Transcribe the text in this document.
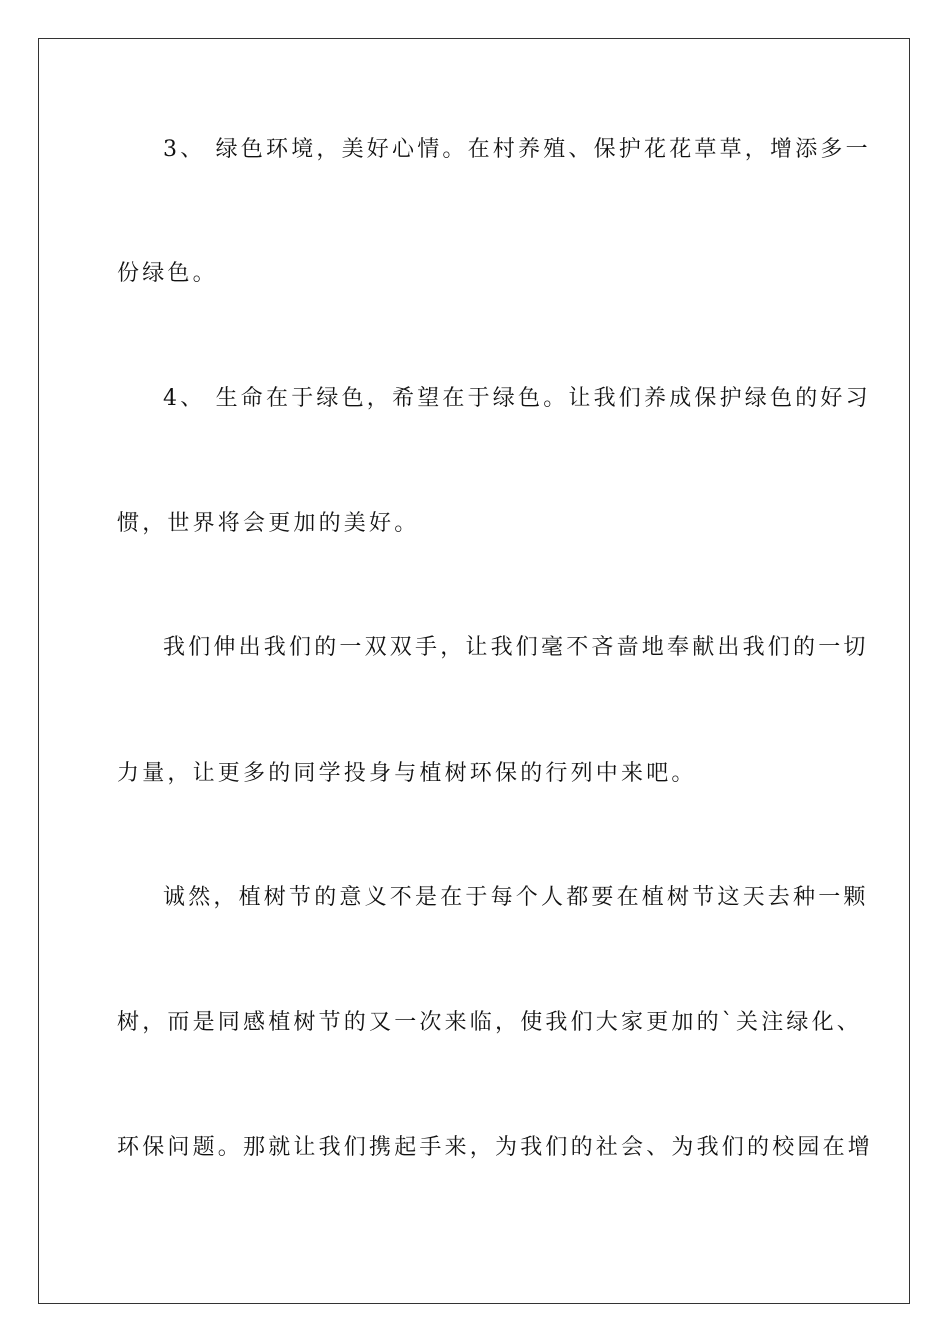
3、 绿色环境，美好心情。在村养殖、保护花花草草，增添多一
份绿色。
4、 生命在于绿色，希望在于绿色。让我们养成保护绿色的好习
惯，世界将会更加的美好。
我们伸出我们的一双双手，让我们毫不吝啬地奉献出我们的一切
力量，让更多的同学投身与植树环保的行列中来吧。
诚然，植树节的意义不是在于每个人都要在植树节这天去种一颗
树，而是同感植树节的又一次来临，使我们大家更加的`关注绿化、
环保问题。那就让我们携起手来，为我们的社会、为我们的校园在增
